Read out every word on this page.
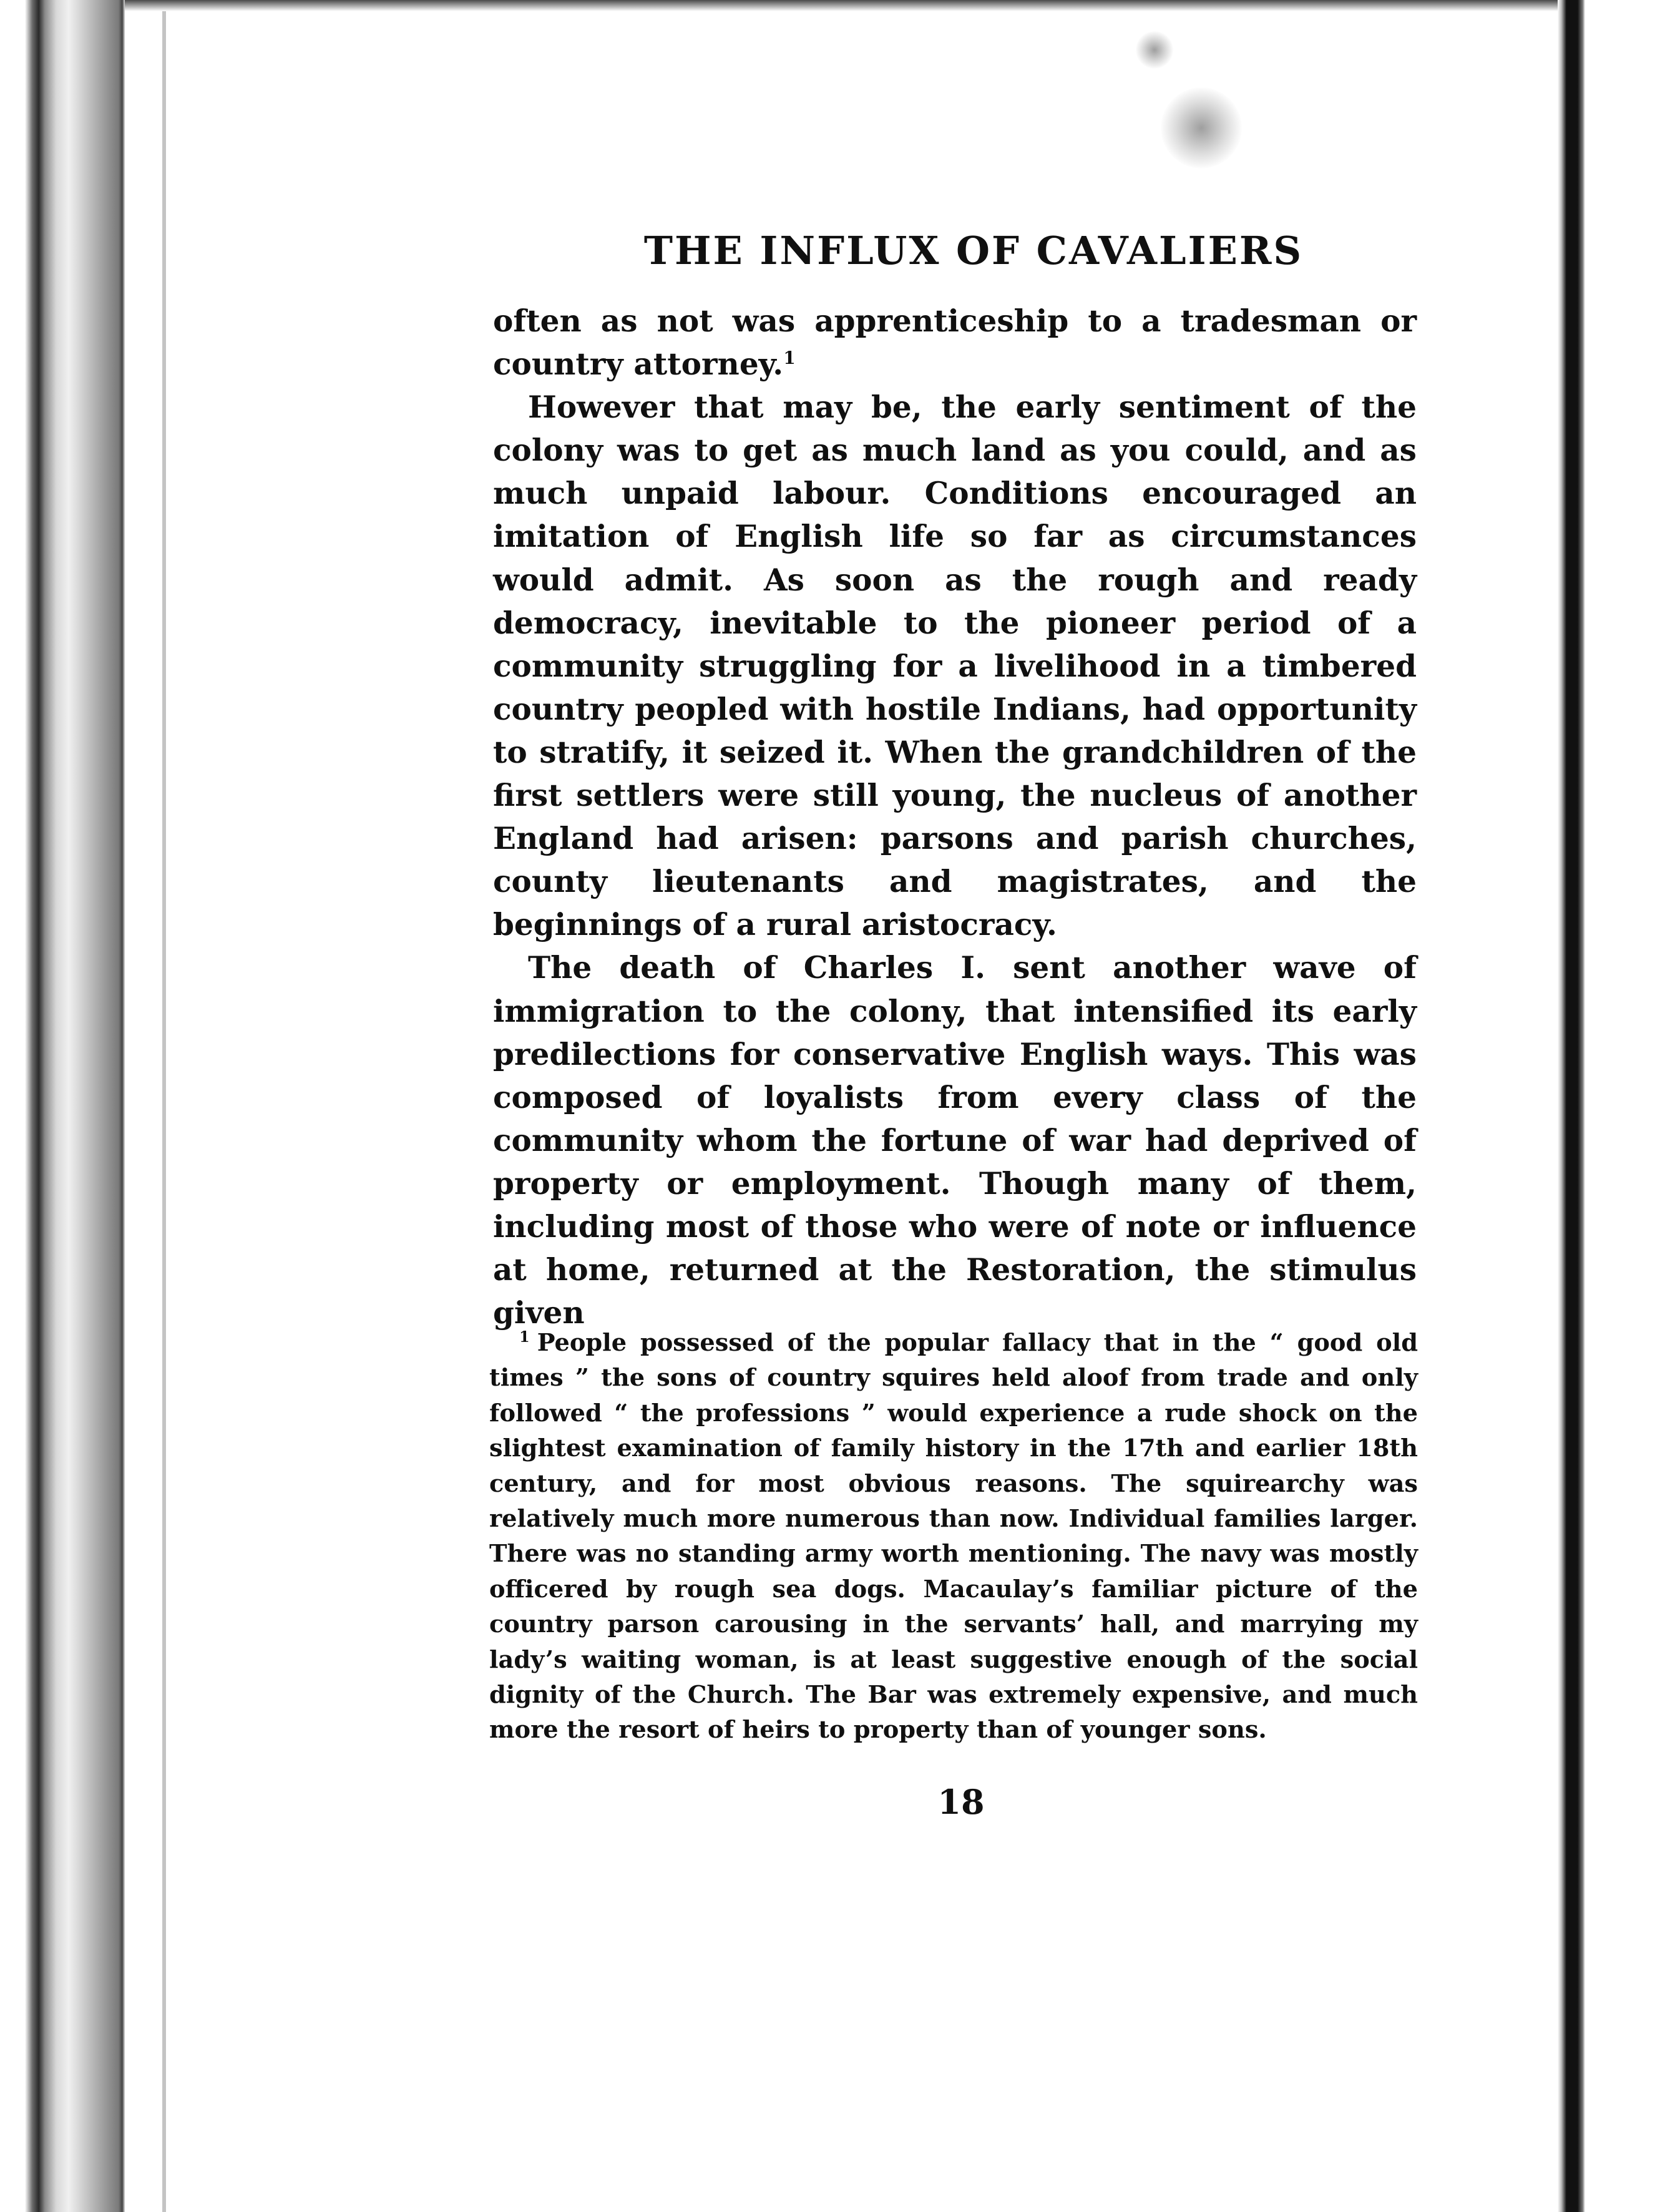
THE INFLUX OF CAVALIERS

often as not was apprenticeship to a tradesman or country attorney.$^1$

However that may be, the early sentiment of the colony was to get as much land as you could, and as much unpaid labour. Conditions encouraged an imitation of English life so far as circumstances would admit. As soon as the rough and ready democracy, inevitable to the pioneer period of a community struggling for a livelihood in a timbered country peopled with hostile Indians, had opportunity to stratify, it seized it. When the grandchildren of the first settlers were still young, the nucleus of another England had arisen: parsons and parish churches, county lieutenants and magistrates, and the beginnings of a rural aristocracy.

The death of Charles I. sent another wave of immigration to the colony, that intensified its early predilections for conservative English ways. This was composed of loyalists from every class of the community whom the fortune of war had deprived of property or employment. Though many of them, including most of those who were of note or influence at home, returned at the Restoration, the stimulus given

$^1$ People possessed of the popular fallacy that in the “ good old times ” the sons of country squires held aloof from trade and only followed “ the professions ” would experience a rude shock on the slightest examination of family history in the 17th and earlier 18th century, and for most obvious reasons. The squirearchy was relatively much more numerous than now. Individual families larger. There was no standing army worth mentioning. The navy was mostly officered by rough sea dogs. Macaulay’s familiar picture of the country parson carousing in the servants’ hall, and marrying my lady’s waiting woman, is at least suggestive enough of the social dignity of the Church. The Bar was extremely expensive, and much more the resort of heirs to property than of younger sons.

18
